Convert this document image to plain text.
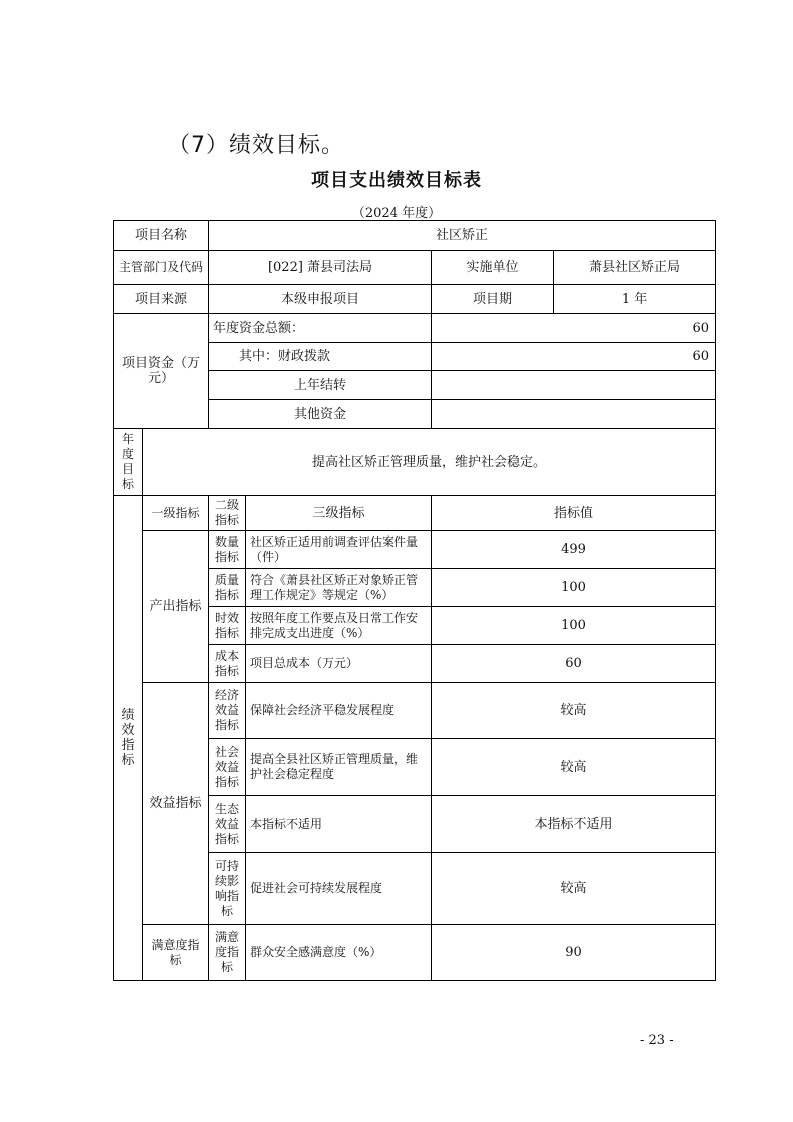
（7）绩效目标。
项目支出绩效目标表
（2024 年度）
项目名称		社区矫正			
主管部门及代码		[022] 萧县司法局		实施单位	萧县社区矫正局
项目来源		本级申报项目		项目期	1 年
项目资金（万元）		年度资金总额：		60	
		其中：财政拨款		60	
		上年结转			
		其他资金			
年度目标	提高社区矫正管理质量，维护社会稳定。				
绩效指标	一级指标	二级指标	三级指标	指标值	
	产出指标	数量指标	社区矫正适用前调查评估案件量（件）	499	
		质量指标	符合《萧县社区矫正对象矫正管理工作规定》等规定（%）	100	
		时效指标	按照年度工作要点及日常工作安排完成支出进度（%）	100	
		成本指标	项目总成本（万元）	60	
	效益指标	经济效益指标	保障社会经济平稳发展程度	较高	
		社会效益指标	提高全县社区矫正管理质量，维护社会稳定程度	较高	
		生态效益指标	本指标不适用	本指标不适用	
		可持续影响指标	促进社会可持续发展程度	较高	
	满意度指标	满意度指标	群众安全感满意度（%）	90	
- 23 -
